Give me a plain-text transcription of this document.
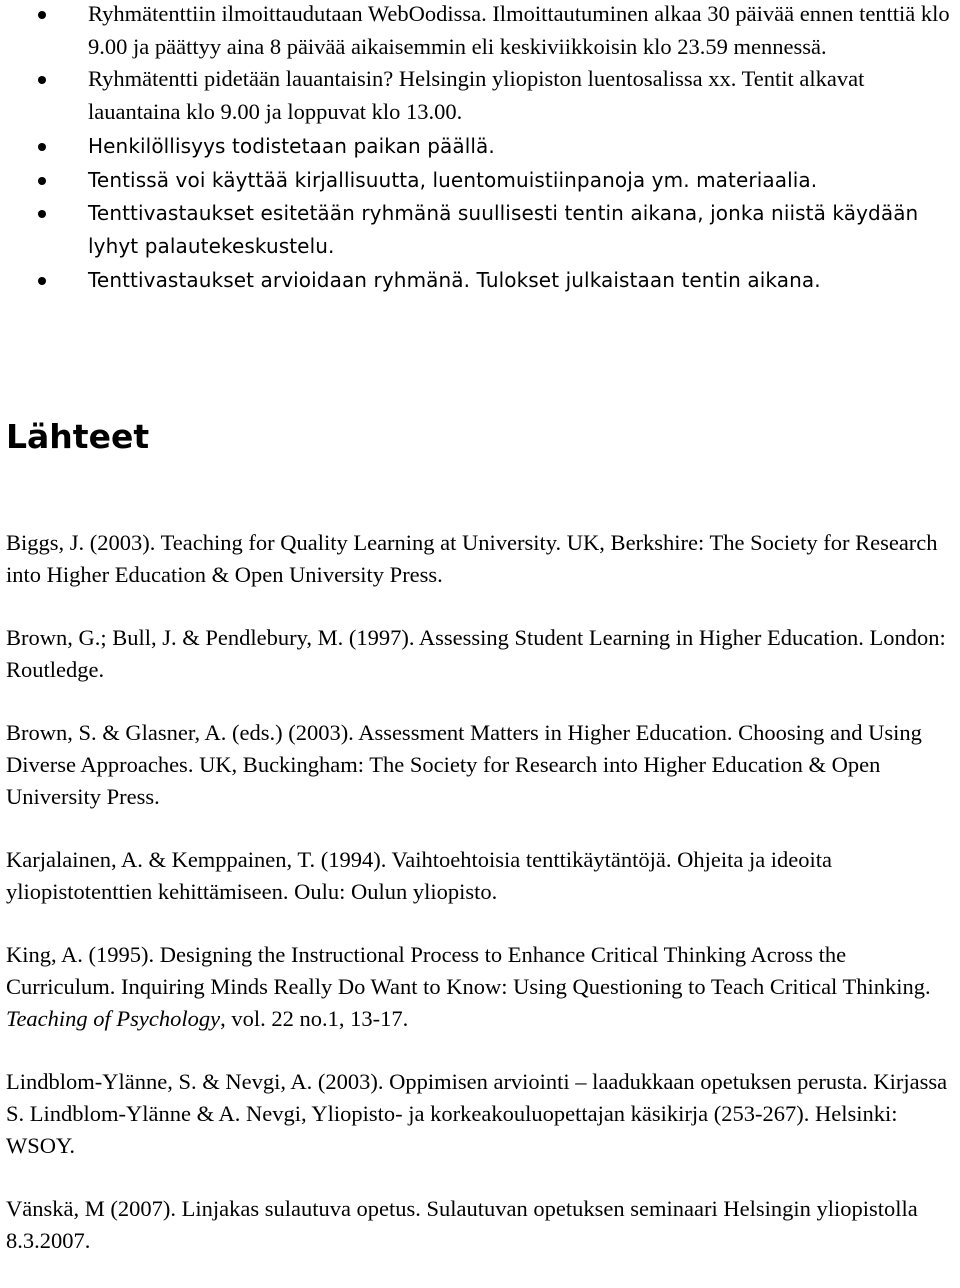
Ryhmätenttiin ilmoittaudutaan WebOodissa. Ilmoittautuminen alkaa 30 päivää ennen tenttiä klo 9.00 ja päättyy aina 8 päivää aikaisemmin eli keskiviikkoisin klo 23.59 mennessä.
Ryhmätentti pidetään lauantaisin? Helsingin yliopiston luentosalissa xx. Tentit alkavat lauantaina klo 9.00 ja loppuvat klo 13.00.
Henkilöllisyys todistetaan paikan päällä.
Tentissä voi käyttää kirjallisuutta, luentomuistiinpanoja ym. materiaalia.
Tenttivastaukset esitetään ryhmänä suullisesti tentin aikana, jonka niistä käydään lyhyt palautekeskustelu.
Tenttivastaukset arvioidaan ryhmänä. Tulokset julkaistaan tentin aikana.
Lähteet

Biggs, J. (2003). Teaching for Quality Learning at University. UK, Berkshire: The Society for Research into Higher Education & Open University Press.

Brown, G.; Bull, J. & Pendlebury, M. (1997). Assessing Student Learning in Higher Education. London: Routledge.

Brown, S. & Glasner, A. (eds.) (2003). Assessment Matters in Higher Education. Choosing and Using Diverse Approaches. UK, Buckingham: The Society for Research into Higher Education & Open University Press.

Karjalainen, A. & Kemppainen, T. (1994). Vaihtoehtoisia tenttikäytäntöjä. Ohjeita ja ideoita yliopistotenttien kehittämiseen. Oulu: Oulun yliopisto.

King, A. (1995). Designing the Instructional Process to Enhance Critical Thinking Across the Curriculum. Inquiring Minds Really Do Want to Know: Using Questioning to Teach Critical Thinking. Teaching of Psychology, vol. 22 no.1, 13-17.

Lindblom-Ylänne, S. & Nevgi, A. (2003). Oppimisen arviointi – laadukkaan opetuksen perusta. Kirjassa S. Lindblom-Ylänne & A. Nevgi, Yliopisto- ja korkeakouluopettajan käsikirja (253-267). Helsinki: WSOY.

Vänskä, M (2007). Linjakas sulautuva opetus. Sulautuvan opetuksen seminaari Helsingin yliopistolla 8.3.2007.
